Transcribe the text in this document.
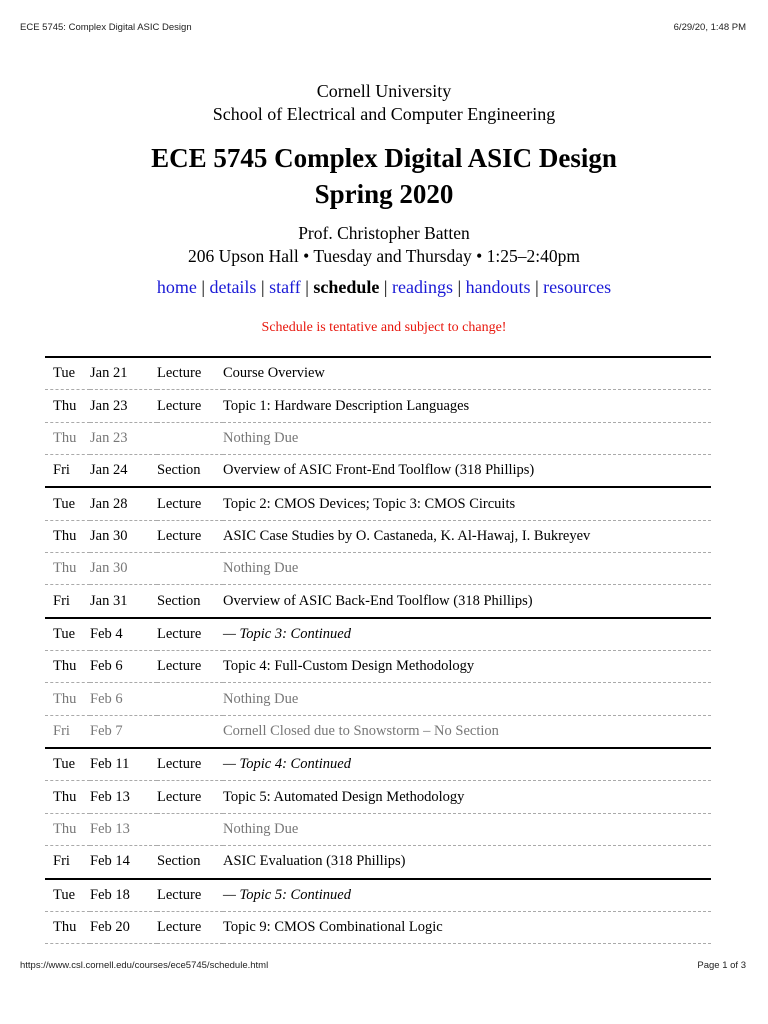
ECE 5745: Complex Digital ASIC Design	6/29/20, 1:48 PM
Cornell University
School of Electrical and Computer Engineering
ECE 5745 Complex Digital ASIC Design
Spring 2020
Prof. Christopher Batten
206 Upson Hall • Tuesday and Thursday • 1:25–2:40pm
home | details | staff | schedule | readings | handouts | resources
Schedule is tentative and subject to change!
Tue	Jan 21	Lecture	Course Overview
Thu	Jan 23	Lecture	Topic 1: Hardware Description Languages
Thu	Jan 23		Nothing Due
Fri	Jan 24	Section	Overview of ASIC Front-End Toolflow (318 Phillips)
Tue	Jan 28	Lecture	Topic 2: CMOS Devices; Topic 3: CMOS Circuits
Thu	Jan 30	Lecture	ASIC Case Studies by O. Castaneda, K. Al-Hawaj, I. Bukreyev
Thu	Jan 30		Nothing Due
Fri	Jan 31	Section	Overview of ASIC Back-End Toolflow (318 Phillips)
Tue	Feb 4	Lecture	— Topic 3: Continued
Thu	Feb 6	Lecture	Topic 4: Full-Custom Design Methodology
Thu	Feb 6		Nothing Due
Fri	Feb 7		Cornell Closed due to Snowstorm – No Section
Tue	Feb 11	Lecture	— Topic 4: Continued
Thu	Feb 13	Lecture	Topic 5: Automated Design Methodology
Thu	Feb 13		Nothing Due
Fri	Feb 14	Section	ASIC Evaluation (318 Phillips)
Tue	Feb 18	Lecture	— Topic 5: Continued
Thu	Feb 20	Lecture	Topic 9: CMOS Combinational Logic
https://www.csl.cornell.edu/courses/ece5745/schedule.html	Page 1 of 3
